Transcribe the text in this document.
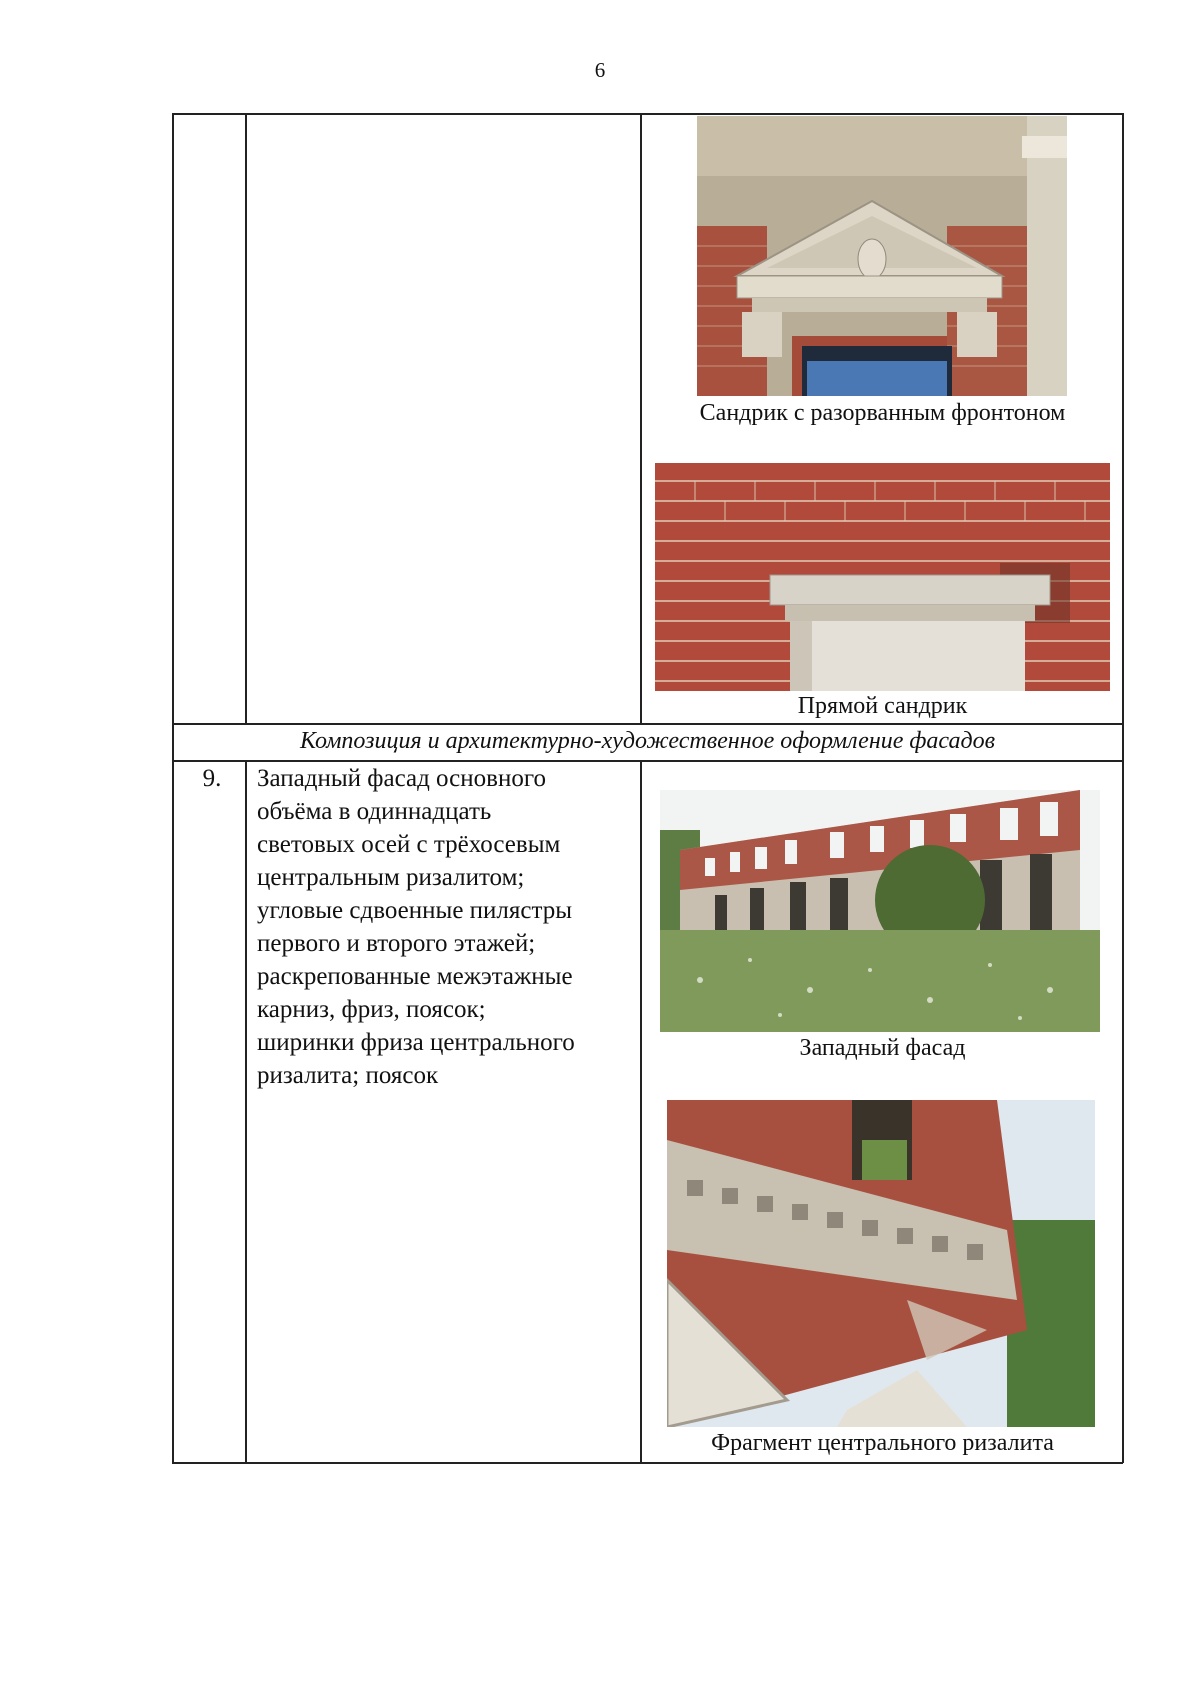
6
Сандрик с разорванным фронтоном
Прямой сандрик
Композиция и архитектурно-художественное оформление фасадов
9.	Западный фасад основного
объёма в одиннадцать
световых осей с трёхосевым
центральным ризалитом;
угловые сдвоенные пилястры
первого и второго этажей;
раскрепованные межэтажные
карниз, фриз, поясок;
ширинки фриза центрального
ризалита; поясок
Западный фасад
Фрагмент центрального ризалита
